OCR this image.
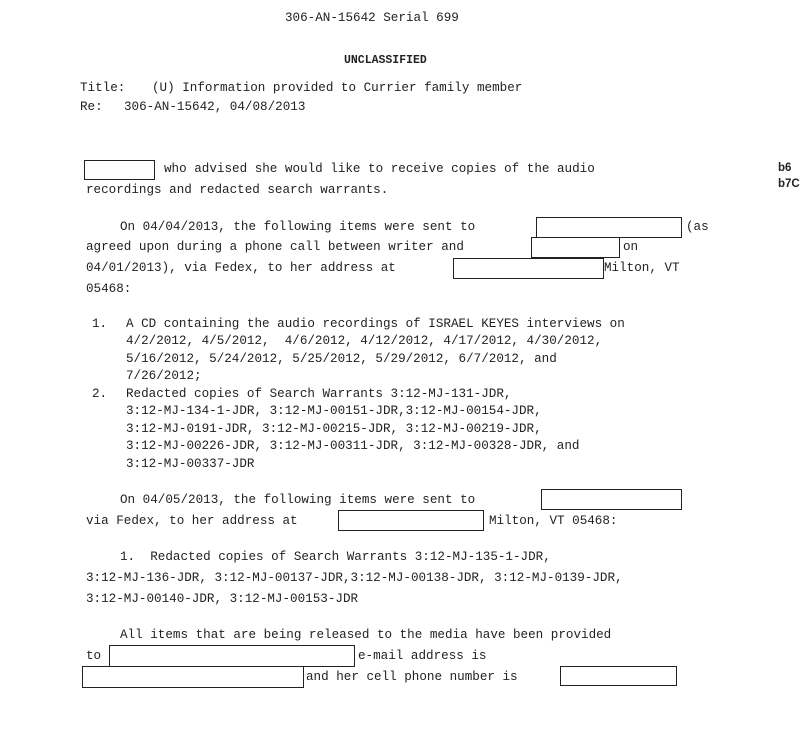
306-AN-15642 Serial 699
UNCLASSIFIED
Title: (U) Information provided to Currier family member
Re: 306-AN-15642, 04/08/2013
b6
b7C
who advised she would like to receive copies of the audio
recordings and redacted search warrants.
On 04/04/2013, the following items were sent to	(as
agreed upon during a phone call between writer and	on
04/01/2013), via Fedex, to her address at	Milton, VT
05468:
1. A CD containing the audio recordings of ISRAEL KEYES interviews on
4/2/2012, 4/5/2012,  4/6/2012, 4/12/2012, 4/17/2012, 4/30/2012,
5/16/2012, 5/24/2012, 5/25/2012, 5/29/2012, 6/7/2012, and
7/26/2012;
2. Redacted copies of Search Warrants 3:12-MJ-131-JDR,
3:12-MJ-134-1-JDR, 3:12-MJ-00151-JDR,3:12-MJ-00154-JDR,
3:12-MJ-0191-JDR, 3:12-MJ-00215-JDR, 3:12-MJ-00219-JDR,
3:12-MJ-00226-JDR, 3:12-MJ-00311-JDR, 3:12-MJ-00328-JDR, and
3:12-MJ-00337-JDR
On 04/05/2013, the following items were sent to
via Fedex, to her address at	Milton, VT 05468:
1.  Redacted copies of Search Warrants 3:12-MJ-135-1-JDR,
3:12-MJ-136-JDR, 3:12-MJ-00137-JDR,3:12-MJ-00138-JDR, 3:12-MJ-0139-JDR,
3:12-MJ-00140-JDR, 3:12-MJ-00153-JDR
All items that are being released to the media have been provided
to	e-mail address is
and her cell phone number is
